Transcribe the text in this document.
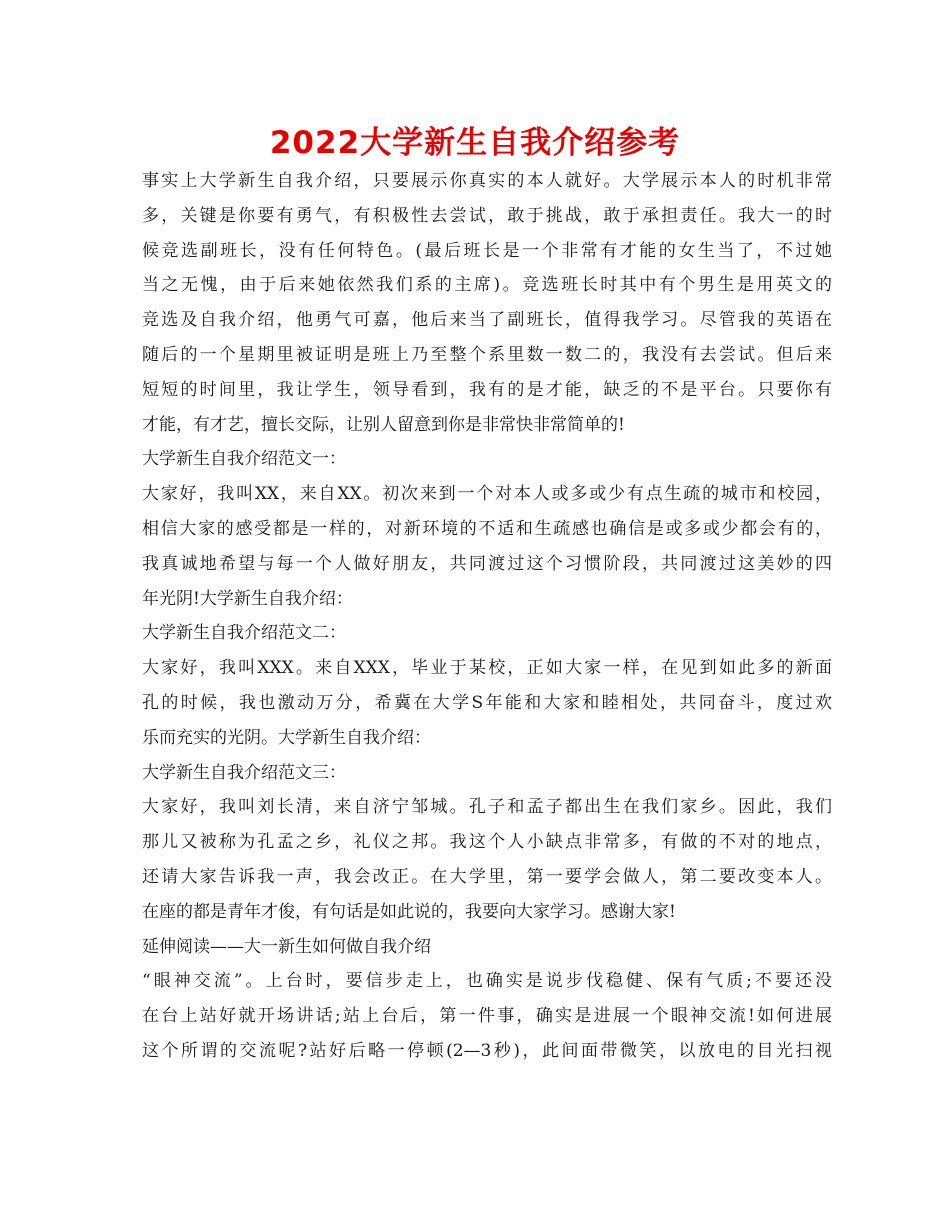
2022大学新生自我介绍参考
事实上大学新生自我介绍，只要展示你真实的本人就好。大学展示本人的时机非常
多，关键是你要有勇气，有积极性去尝试，敢于挑战，敢于承担责任。我大一的时
候竞选副班长，没有任何特色。(最后班长是一个非常有才能的女生当了，不过她
当之无愧，由于后来她依然我们系的主席)。竞选班长时其中有个男生是用英文的
竞选及自我介绍，他勇气可嘉，他后来当了副班长，值得我学习。尽管我的英语在
随后的一个星期里被证明是班上乃至整个系里数一数二的，我没有去尝试。但后来
短短的时间里，我让学生，领导看到，我有的是才能，缺乏的不是平台。只要你有
才能，有才艺，擅长交际，让别人留意到你是非常快非常简单的!
大学新生自我介绍范文一：
大家好，我叫XX，来自XX。初次来到一个对本人或多或少有点生疏的城市和校园，
相信大家的感受都是一样的，对新环境的不适和生疏感也确信是或多或少都会有的，
我真诚地希望与每一个人做好朋友，共同渡过这个习惯阶段，共同渡过这美妙的四
年光阴!大学新生自我介绍：
大学新生自我介绍范文二：
大家好，我叫XXX。来自XXX，毕业于某校，正如大家一样，在见到如此多的新面
孔的时候，我也激动万分，希冀在大学S年能和大家和睦相处，共同奋斗，度过欢
乐而充实的光阴。大学新生自我介绍：
大学新生自我介绍范文三：
大家好，我叫刘长清，来自济宁邹城。孔子和孟子都出生在我们家乡。因此，我们
那儿又被称为孔孟之乡，礼仪之邦。我这个人小缺点非常多，有做的不对的地点，
还请大家告诉我一声，我会改正。在大学里，第一要学会做人，第二要改变本人。
在座的都是青年才俊，有句话是如此说的，我要向大家学习。感谢大家!
延伸阅读——大一新生如何做自我介绍
“眼神交流”。上台时，要信步走上，也确实是说步伐稳健、保有气质;不要还没
在台上站好就开场讲话;站上台后，第一件事，确实是进展一个眼神交流!如何进展
这个所谓的交流呢?站好后略一停顿(2—3秒)，此间面带微笑，以放电的目光扫视
